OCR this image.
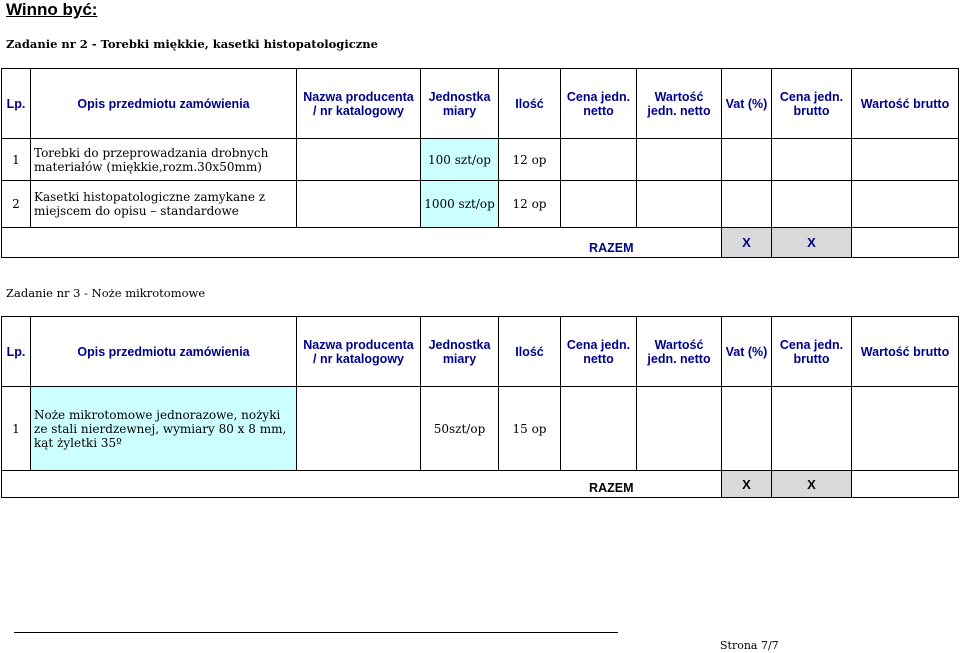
Winno być:
Zadanie nr 2 - Torebki miękkie, kasetki histopatologiczne
Lp.	Opis przedmiotu zamówienia	Nazwa producenta / nr katalogowy	Jednostka miary	Ilość	Cena jedn. netto	Wartość jedn. netto	Vat (%)	Cena jedn. brutto	Wartość brutto
1	Torebki do przeprowadzania drobnych materiałów (miękkie,rozm.30x50mm)		100 szt/op	12 op					
2	Kasetki histopatologiczne zamykane z miejscem do opisu – standardowe		1000 szt/op	12 op					
RAZEM							X	X	
Zadanie nr 3 - Noże mikrotomowe
Lp.	Opis przedmiotu zamówienia	Nazwa producenta / nr katalogowy	Jednostka miary	Ilość	Cena jedn. netto	Wartość jedn. netto	Vat (%)	Cena jedn. brutto	Wartość brutto
1	Noże mikrotomowe jednorazowe, nożyki ze stali nierdzewnej, wymiary 80 x 8 mm, kąt żyletki 35º		50szt/op	15 op					
RAZEM							X	X	
Strona 7/7
